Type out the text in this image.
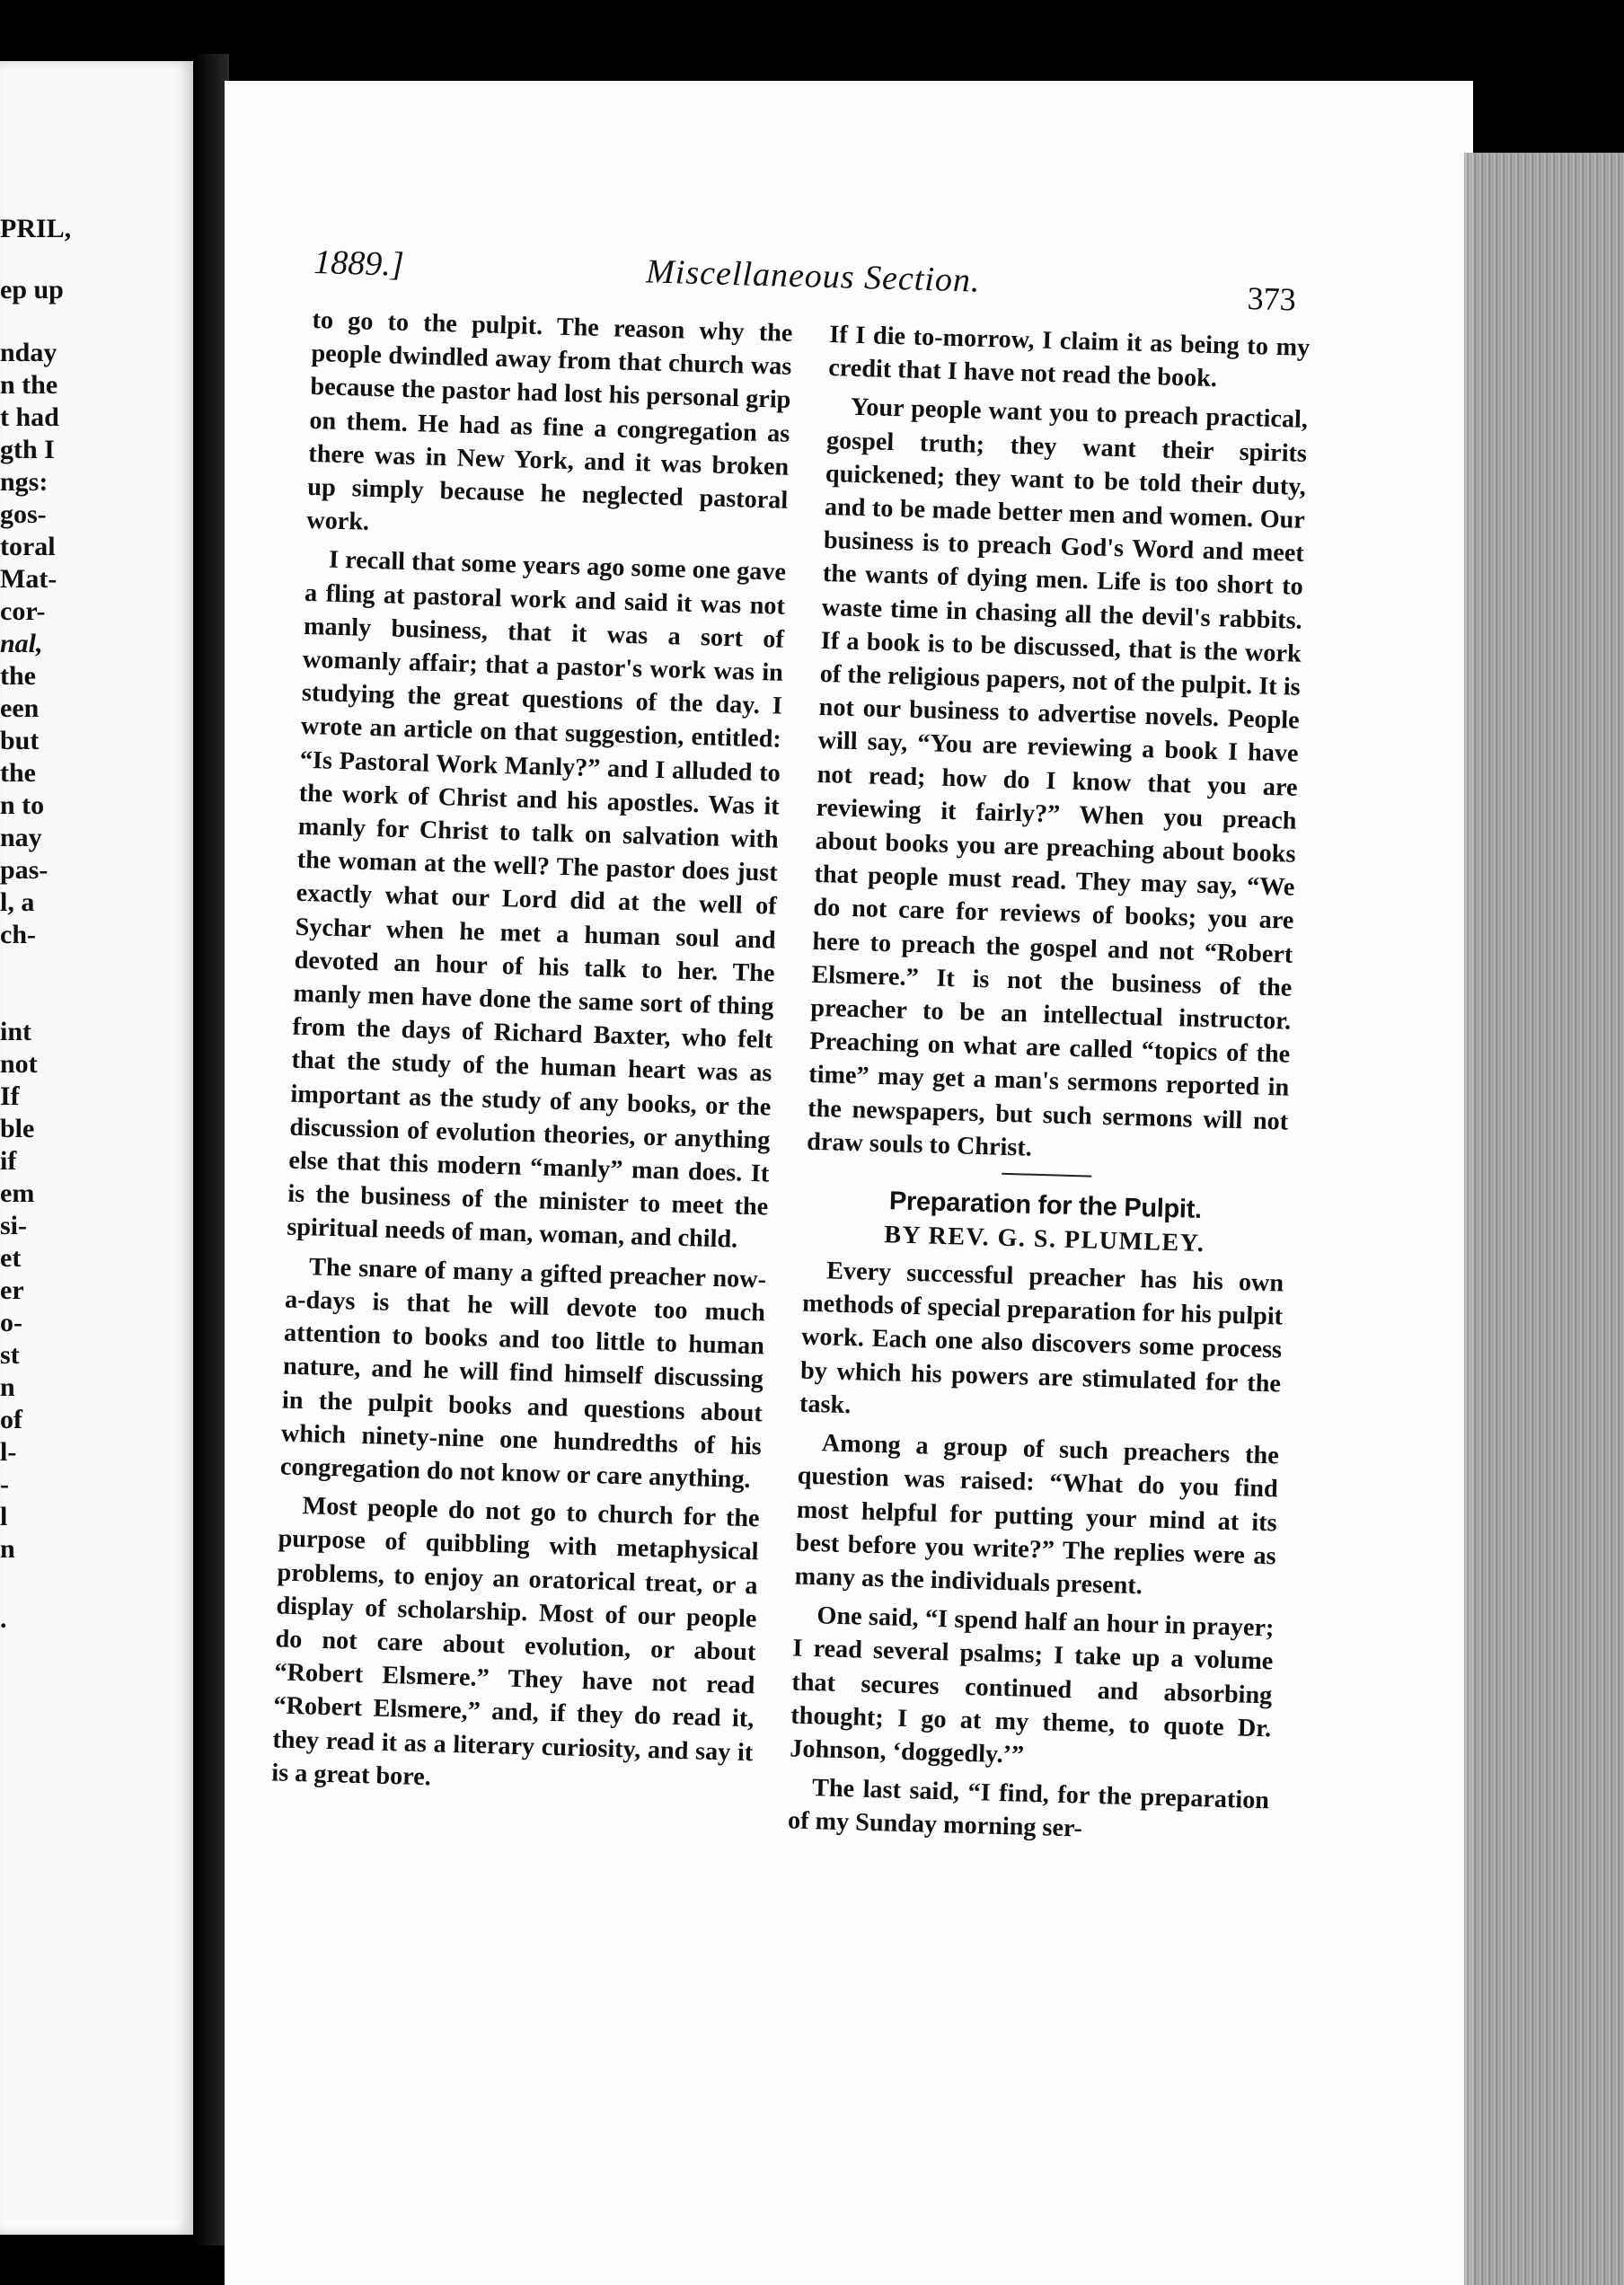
PRIL,
ep up
nday
n the
t had
gth I
ngs:
gos-
toral
Mat-
cor-
nal,
the
een
but
the
n to
nay
pas-
l, a
ch-
int
not
If
ble
if
em
si-
et
er
o-
st
n
of
l-
-
l
n
.
1889.]	Miscellaneous Section.	373

to go to the pulpit. The reason why the people dwindled away from that church was because the pastor had lost his personal grip on them. He had as fine a congregation as there was in New York, and it was broken up simply because he neglected pastoral work.

I recall that some years ago some one gave a fling at pastoral work and said it was not manly business, that it was a sort of womanly affair; that a pastor's work was in studying the great questions of the day. I wrote an article on that suggestion, entitled: “Is Pastoral Work Manly?” and I alluded to the work of Christ and his apostles. Was it manly for Christ to talk on salvation with the woman at the well? The pastor does just exactly what our Lord did at the well of Sychar when he met a human soul and devoted an hour of his talk to her. The manly men have done the same sort of thing from the days of Richard Baxter, who felt that the study of the human heart was as important as the study of any books, or the discussion of evolution theories, or anything else that this modern “manly” man does. It is the business of the minister to meet the spiritual needs of man, woman, and child.

The snare of many a gifted preacher now-a-days is that he will devote too much attention to books and too little to human nature, and he will find himself discussing in the pulpit books and questions about which ninety-nine one hundredths of his congregation do not know or care anything.

Most people do not go to church for the purpose of quibbling with metaphysical problems, to enjoy an oratorical treat, or a display of scholarship. Most of our people do not care about evolution, or about “Robert Elsmere.” They have not read “Robert Elsmere,” and, if they do read it, they read it as a literary curiosity, and say it is a great bore.

If I die to-morrow, I claim it as being to my credit that I have not read the book.

Your people want you to preach practical, gospel truth; they want their spirits quickened; they want to be told their duty, and to be made better men and women. Our business is to preach God's Word and meet the wants of dying men. Life is too short to waste time in chasing all the devil's rabbits. If a book is to be discussed, that is the work of the religious papers, not of the pulpit. It is not our business to advertise novels. People will say, “You are reviewing a book I have not read; how do I know that you are reviewing it fairly?” When you preach about books you are preaching about books that people must read. They may say, “We do not care for reviews of books; you are here to preach the gospel and not “Robert Elsmere.” It is not the business of the preacher to be an intellectual instructor. Preaching on what are called “topics of the time” may get a man's sermons reported in the newspapers, but such sermons will not draw souls to Christ.

Preparation for the Pulpit.

BY REV. G. S. PLUMLEY.

Every successful preacher has his own methods of special preparation for his pulpit work. Each one also discovers some process by which his powers are stimulated for the task.

Among a group of such preachers the question was raised: “What do you find most helpful for putting your mind at its best before you write?” The replies were as many as the individuals present.

One said, “I spend half an hour in prayer; I read several psalms; I take up a volume that secures continued and absorbing thought; I go at my theme, to quote Dr. Johnson, ‘doggedly.’”

The last said, “I find, for the preparation of my Sunday morning ser-
